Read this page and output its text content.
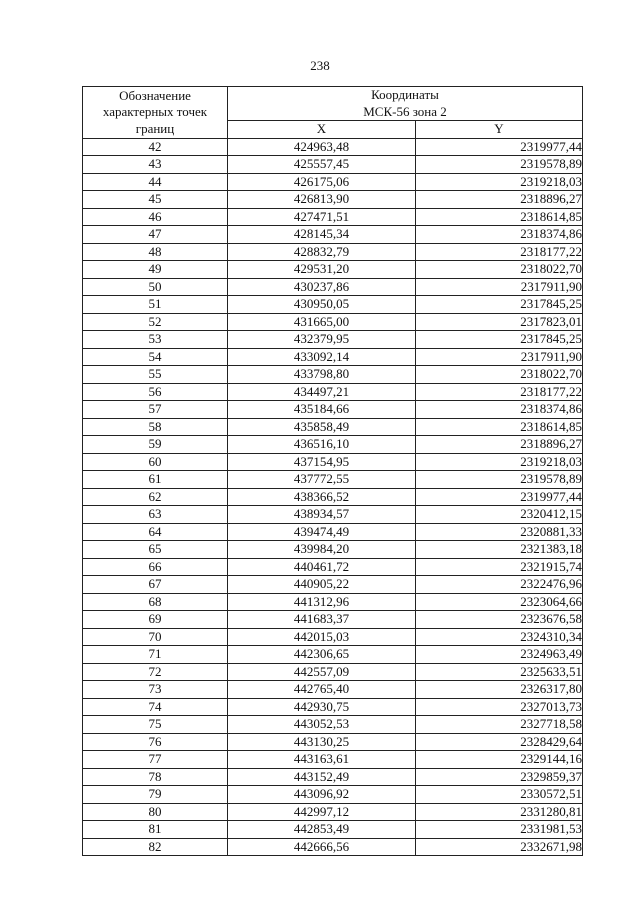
238
Обозначение характерных точек границ	Координаты
МСК-56 зона 2	

	X	Y
42	424963,48	2319977,44
43	425557,45	2319578,89
44	426175,06	2319218,03
45	426813,90	2318896,27
46	427471,51	2318614,85
47	428145,34	2318374,86
48	428832,79	2318177,22
49	429531,20	2318022,70
50	430237,86	2317911,90
51	430950,05	2317845,25
52	431665,00	2317823,01
53	432379,95	2317845,25
54	433092,14	2317911,90
55	433798,80	2318022,70
56	434497,21	2318177,22
57	435184,66	2318374,86
58	435858,49	2318614,85
59	436516,10	2318896,27
60	437154,95	2319218,03
61	437772,55	2319578,89
62	438366,52	2319977,44
63	438934,57	2320412,15
64	439474,49	2320881,33
65	439984,20	2321383,18
66	440461,72	2321915,74
67	440905,22	2322476,96
68	441312,96	2323064,66
69	441683,37	2323676,58
70	442015,03	2324310,34
71	442306,65	2324963,49
72	442557,09	2325633,51
73	442765,40	2326317,80
74	442930,75	2327013,73
75	443052,53	2327718,58
76	443130,25	2328429,64
77	443163,61	2329144,16
78	443152,49	2329859,37
79	443096,92	2330572,51
80	442997,12	2331280,81
81	442853,49	2331981,53
82	442666,56	2332671,98
